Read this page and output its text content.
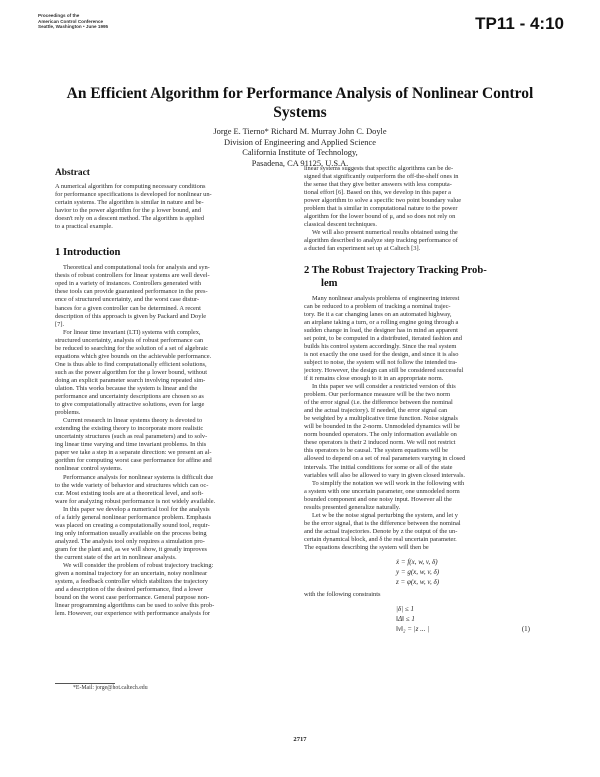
Proceedings of the
American Control Conference
Seattle, Washington • June 1995	TP11 - 4:10
An Efficient Algorithm for Performance Analysis of Nonlinear Control
Systems
Jorge E. Tierno* Richard M. Murray John C. Doyle
Division of Engineering and Applied Science
California Institute of Technology,
Pasadena, CA 91125, U.S.A.
Abstract
A numerical algorithm for computing necessary conditions
for performance specifications is developed for nonlinear un-
certain systems. The algorithm is similar in nature and be-
havior to the power algorithm for the μ lower bound, and
doesn't rely on a descent method. The algorithm is applied
to a practical example.
1 Introduction
Theoretical and computational tools for analysis and syn-
thesis of robust controllers for linear systems are well devel-
oped in a variety of instances. Controllers generated with
these tools can provide guaranteed performance in the pres-
ence of structured uncertainty, and the worst case distur-
bances for a given controller can be determined. A recent
description of this approach is given by Packard and Doyle
[7].
For linear time invariant (LTI) systems with complex,
structured uncertainty, analysis of robust performance can
be reduced to searching for the solution of a set of algebraic
equations which give bounds on the achievable performance.
One is thus able to find computationally efficient solutions,
such as the power algorithm for the μ lower bound, without
doing an explicit parameter search involving repeated sim-
ulation. This works because the system is linear and the
performance and uncertainty descriptions are chosen so as
to give computationally attractive solutions, even for large
problems.
Current research in linear systems theory is devoted to
extending the existing theory to incorporate more realistic
uncertainty structures (such as real parameters) and to solv-
ing linear time varying and time invariant problems. In this
paper we take a step in a separate direction: we present an al-
gorithm for computing worst case performance for affine and
nonlinear control systems.
Performance analysis for nonlinear systems is difficult due
to the wide variety of behavior and structures which can oc-
cur. Most existing tools are at a theoretical level, and soft-
ware for analyzing robust performance is not widely available.
In this paper we develop a numerical tool for the analysis
of a fairly general nonlinear performance problem. Emphasis
was placed on creating a computationally sound tool, requir-
ing only information usually available on the process being
analyzed. The analysis tool only requires a simulation pro-
gram for the plant and, as we will show, it greatly improves
the current state of the art in nonlinear analysis.
We will consider the problem of robust trajectory tracking:
given a nominal trajectory for an uncertain, noisy nonlinear
system, a feedback controller which stabilizes the trajectory
and a description of the desired performance, find a lower
bound on the worst case performance. General purpose non-
linear programming algorithms can be used to solve this prob-
lem. However, our experience with performance analysis for
*E-Mail: jorge@hot.caltech.edu
linear systems suggests that specific algorithms can be de-
signed that significantly outperform the off-the-shelf ones in
the sense that they give better answers with less computa-
tional effort [6]. Based on this, we develop in this paper a
power algorithm to solve a specific two point boundary value
problem that is similar in computational nature to the power
algorithm for the lower bound of μ, and so does not rely on
classical descent techniques.
We will also present numerical results obtained using the
algorithm described to analyze step tracking performance of
a ducted fan experiment set up at Caltech [3].
2 The Robust Trajectory Tracking Prob-
lem
Many nonlinear analysis problems of engineering interest
can be reduced to a problem of tracking a nominal trajec-
tory. Be it a car changing lanes on an automated highway,
an airplane taking a turn, or a rolling engine going through a
sudden change in load, the designer has in mind an apparent
set point, to be computed in a distributed, iterated fashion and
builds his control system accordingly. Since the real system
is not exactly the one used for the design, and since it is also
subject to noise, the system will not follow the intended tra-
jectory. However, the design can still be considered successful
if it remains close enough to it in an appropriate norm.
In this paper we will consider a restricted version of this
problem. Our performance measure will be the two norm
of the error signal (i.e. the difference between the nominal
and the actual trajectory). If needed, the error signal can
be weighted by a multiplicative time function. Noise signals
will be bounded in the 2-norm. Unmodeled dynamics will be
norm bounded operators. The only information available on
these operators is their 2 induced norm. We will not restrict
this operators to be causal. The system equations will be
allowed to depend on a set of real parameters varying in closed
intervals. The initial conditions for some or all of the state
variables will also be allowed to vary in given closed intervals.
To simplify the notation we will work in the following with
a system with one uncertain parameter, one unmodeled norm
bounded component and one noisy input. However all the
results presented generalize naturally.
Let w be the noise signal perturbing the system, and let y
be the error signal, that is the difference between the nominal
and the actual trajectories. Denote by z the output of the un-
certain dynamical block, and δ the real uncertain parameter.
The equations describing the system will then be
ẋ = f(x, w, v, δ)
y = g(x, w, v, δ)
z = φ(x, w, v, δ)
with the following constraints
|δ| ≤ 1
‖Δ‖ ≤ 1
‖v‖₂ = |z ... |	(1)
2717
